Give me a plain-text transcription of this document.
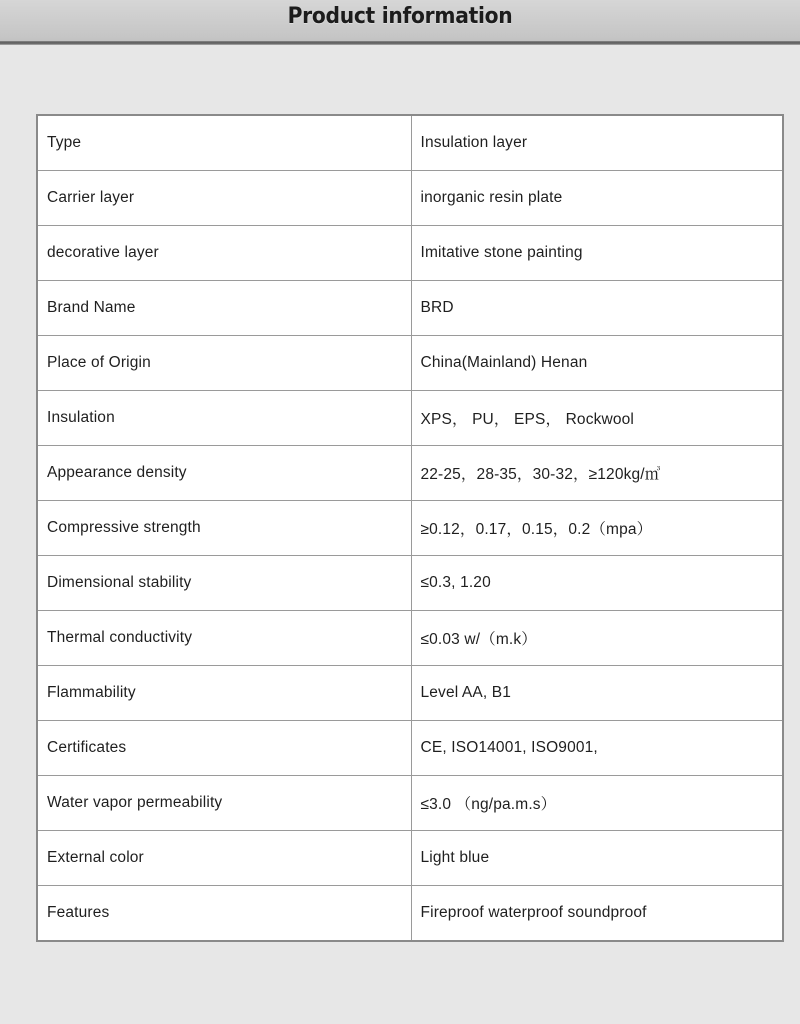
Product information
Type	Insulation layer
Carrier layer	inorganic resin plate
decorative layer	Imitative stone painting
Brand Name	BRD
Place of Origin	China(Mainland) Henan
Insulation	XPS， PU， EPS， Rockwool
Appearance density	22-25，28-35，30-32，≥120kg/㎥
Compressive strength	≥0.12，0.17，0.15，0.2（mpa）
Dimensional stability	≤0.3, 1.20
Thermal conductivity	≤0.03 w/（m.k）
Flammability	Level AA, B1
Certificates	CE, ISO14001, ISO9001,
Water vapor permeability	≤3.0 （ng/pa.m.s）
External color	Light blue
Features	Fireproof waterproof soundproof
